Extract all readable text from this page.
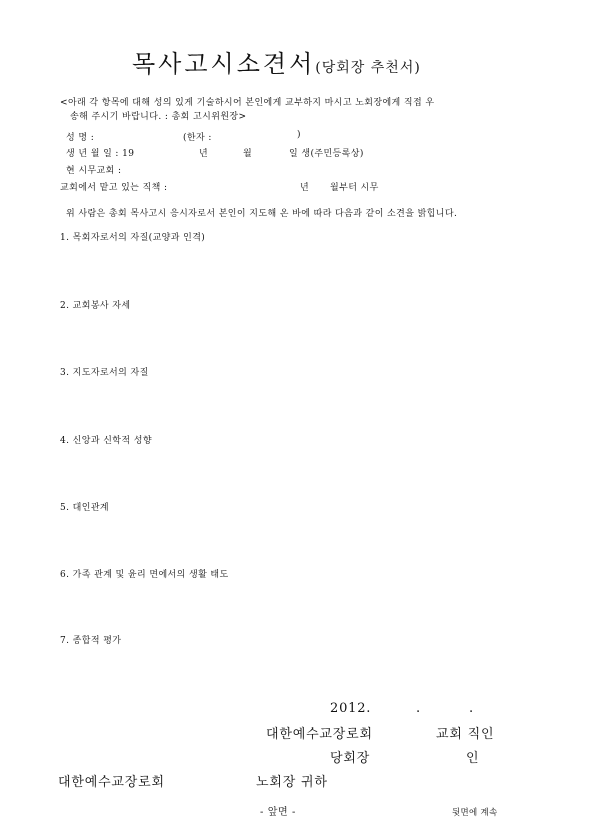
목사고시소견서(당회장 추천서)
<아래 각 항목에 대해 성의 있게 기술하시어 본인에게 교부하지 마시고 노회장에게 직접 우
송해 주시기 바랍니다. : 총회 고시위원장>
성 명 :	(한자 :	)
생 년 월 일 : 19	년	월	일 생(주민등록상)
현 시무교회 :
교회에서 맡고 있는 직책 :	년 월부터 시무
위 사람은 총회 목사고시 응시자로서 본인이 지도해 온 바에 따라 다음과 같이 소견을 밝힙니다.
1. 목회자로서의 자질(교양과 인격)
2. 교회봉사 자세
3. 지도자로서의 자질
4. 신앙과 신학적 성향
5. 대인관계
6. 가족 관계 및 윤리 면에서의 생활 태도
7. 종합적 평가
2012.	.	.
대한예수교장로회	교회 직인
당회장	인
대한예수교장로회	노회장 귀하
- 앞면 -	뒷면에 계속
